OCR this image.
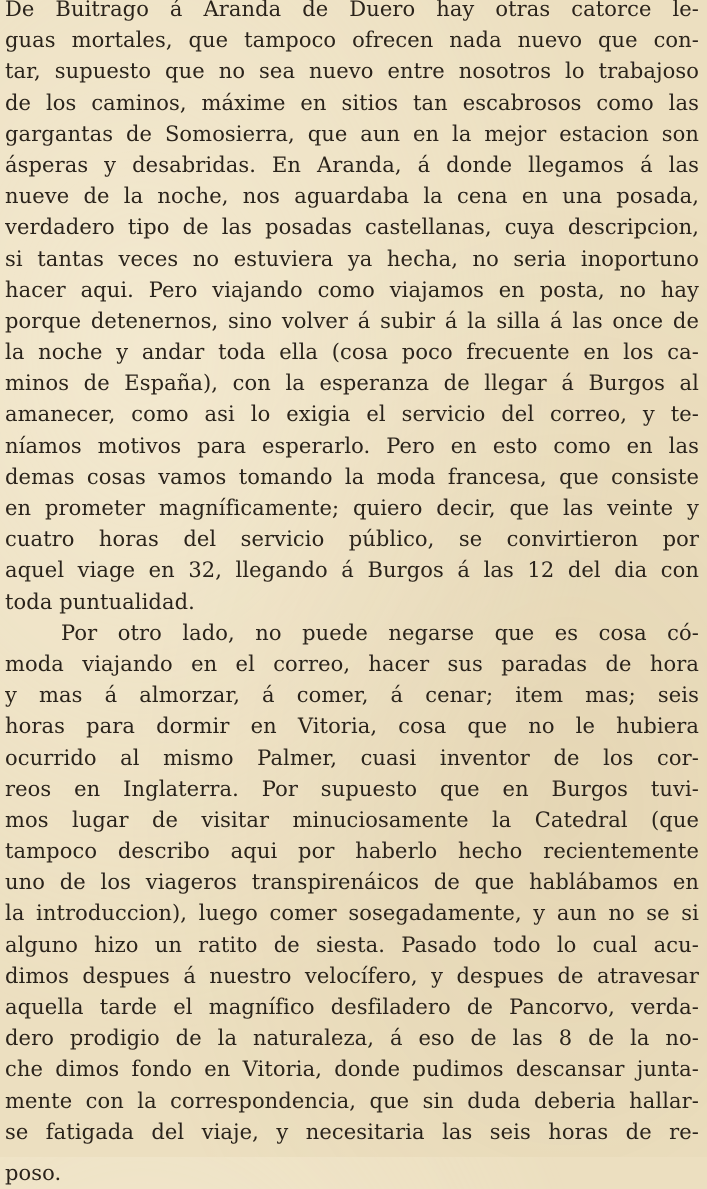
De Buitrago á Aranda de Duero hay otras catorce le-
guas mortales, que tampoco ofrecen nada nuevo que con-
tar, supuesto que no sea nuevo entre nosotros lo trabajoso
de los caminos, máxime en sitios tan escabrosos como las
gargantas de Somosierra, que aun en la mejor estacion son
ásperas y desabridas. En Aranda, á donde llegamos á las
nueve de la noche, nos aguardaba la cena en una posada,
verdadero tipo de las posadas castellanas, cuya descripcion,
si tantas veces no estuviera ya hecha, no seria inoportuno
hacer aqui. Pero viajando como viajamos en posta, no hay
porque detenernos, sino volver á subir á la silla á las once de
la noche y andar toda ella (cosa poco frecuente en los ca-
minos de España), con la esperanza de llegar á Burgos al
amanecer, como asi lo exigia el servicio del correo, y te-
níamos motivos para esperarlo. Pero en esto como en las
demas cosas vamos tomando la moda francesa, que consiste
en prometer magníficamente; quiero decir, que las veinte y
cuatro horas del servicio público, se convirtieron por
aquel viage en 32, llegando á Burgos á las 12 del dia con
toda puntualidad.
Por otro lado, no puede negarse que es cosa có-
moda viajando en el correo, hacer sus paradas de hora
y mas á almorzar, á comer, á cenar; item mas; seis
horas para dormir en Vitoria, cosa que no le hubiera
ocurrido al mismo Palmer, cuasi inventor de los cor-
reos en Inglaterra. Por supuesto que en Burgos tuvi-
mos lugar de visitar minuciosamente la Catedral (que
tampoco describo aqui por haberlo hecho recientemente
uno de los viageros transpirenáicos de que hablábamos en
la introduccion), luego comer sosegadamente, y aun no se si
alguno hizo un ratito de siesta. Pasado todo lo cual acu-
dimos despues á nuestro velocífero, y despues de atravesar
aquella tarde el magnífico desfiladero de Pancorvo, verda-
dero prodigio de la naturaleza, á eso de las 8 de la no-
che dimos fondo en Vitoria, donde pudimos descansar junta-
mente con la correspondencia, que sin duda deberia hallar-
se fatigada del viaje, y necesitaria las seis horas de re-
poso.
